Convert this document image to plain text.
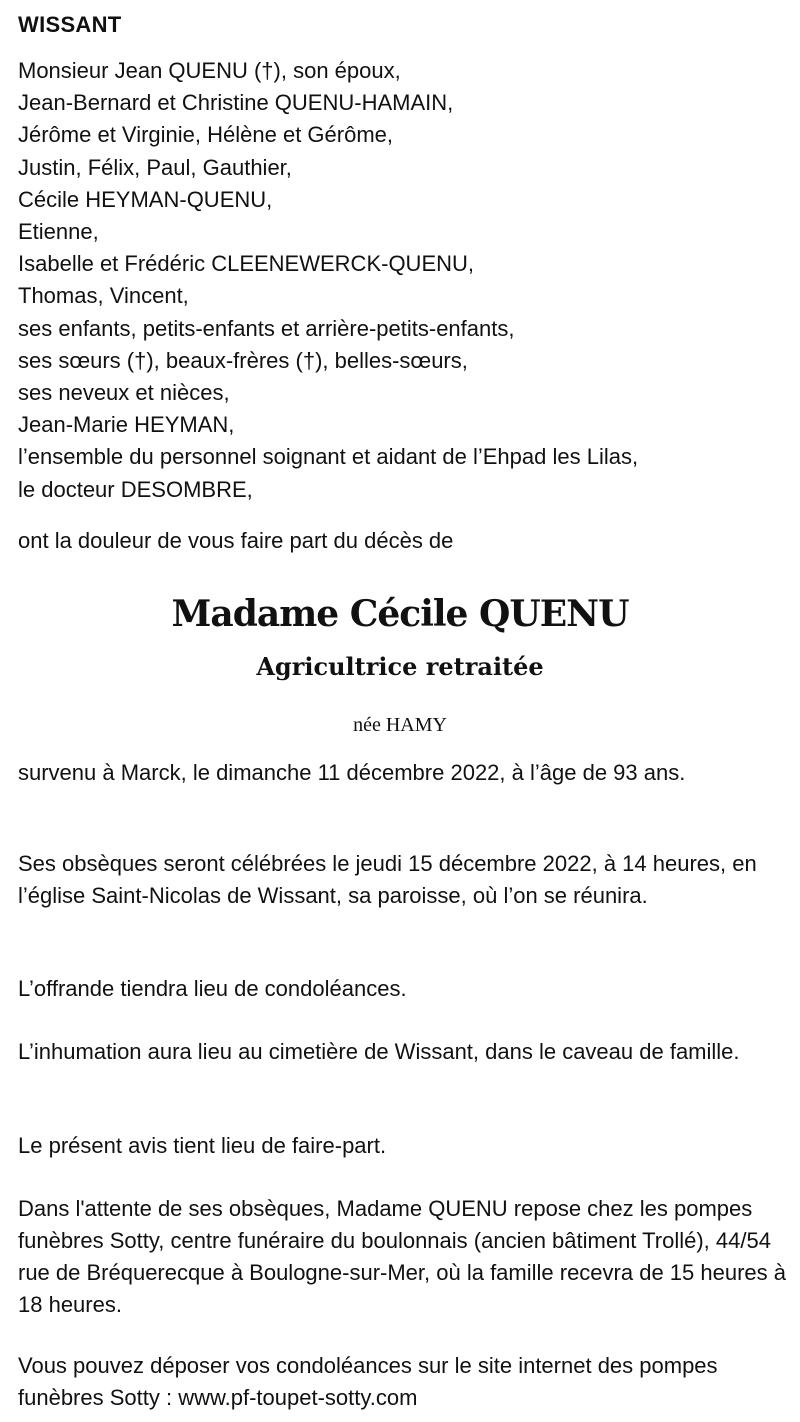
WISSANT
Monsieur Jean QUENU (†), son époux,
Jean-Bernard et Christine QUENU-HAMAIN,
Jérôme et Virginie, Hélène et Gérôme,
Justin, Félix, Paul, Gauthier,
Cécile HEYMAN-QUENU,
Etienne,
Isabelle et Frédéric CLEENEWERCK-QUENU,
Thomas, Vincent,
ses enfants, petits-enfants et arrière-petits-enfants,
ses sœurs (†), beaux-frères (†), belles-sœurs,
ses neveux et nièces,
Jean-Marie HEYMAN,
l’ensemble du personnel soignant et aidant de l’Ehpad les Lilas,
le docteur DESOMBRE,
ont la douleur de vous faire part du décès de
Madame Cécile QUENU
Agricultrice retraitée
née HAMY
survenu à Marck, le dimanche 11 décembre 2022, à l’âge de 93 ans.
Ses obsèques seront célébrées le jeudi 15 décembre 2022, à 14 heures, en l’église Saint-Nicolas de Wissant, sa paroisse, où l’on se réunira.
L’offrande tiendra lieu de condoléances.
L’inhumation aura lieu au cimetière de Wissant, dans le caveau de famille.
Le présent avis tient lieu de faire-part.
Dans l'attente de ses obsèques, Madame QUENU repose chez les pompes funèbres Sotty, centre funéraire du boulonnais (ancien bâtiment Trollé), 44/54 rue de Bréquerecque à Boulogne-sur-Mer, où la famille recevra de 15 heures à 18 heures.
Vous pouvez déposer vos condoléances sur le site internet des pompes funèbres Sotty : www.pf-toupet-sotty.com
